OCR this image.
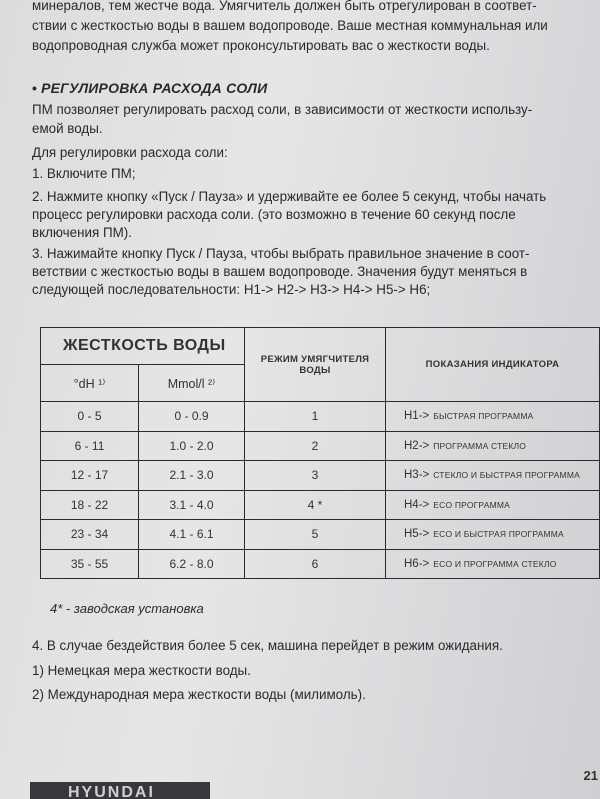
минералов, тем жестче вода. Умягчитель должен быть отрегулирован в соответ-

ствии с жесткостью воды в вашем водопроводе. Ваше местная коммунальная или

водопроводная служба может проконсультировать вас о жесткости воды.

• РЕГУЛИРОВКА РАСХОДА СОЛИ

ПМ позволяет регулировать расход соли, в зависимости от жесткости использу-

емой воды.

Для регулировки расхода соли:

1. Включите ПМ;

2. Нажмите кнопку «Пуск / Пауза» и удерживайте ее более 5 секунд, чтобы начать

процесс регулировки расхода соли. (это возможно в течение 60 секунд после

включения ПМ).

3. Нажимайте кнопку Пуск / Пауза, чтобы выбрать правильное значение в соот-

ветствии с жесткостью воды в вашем водопроводе. Значения будут меняться в

следующей последовательности: H1-> H2-> H3-> H4-> H5-> H6;

ЖЕСТКОСТЬ ВОДЫ		РЕЖИМ УМЯГЧИТЕЛЯ ВОДЫ	ПОКАЗАНИЯ ИНДИКАТОРА
°dH ¹⁾	Mmol/l ²⁾		
0 - 5	0 - 0.9	1	H1-> БЫСТРАЯ ПРОГРАММА
6 - 11	1.0 - 2.0	2	H2-> ПРОГРАММА СТЕКЛО
12 - 17	2.1 - 3.0	3	H3-> СТЕКЛО И БЫСТРАЯ ПРОГРАММА
18 - 22	3.1 - 4.0	4 *	H4-> ECO ПРОГРАММА
23 - 34	4.1 - 6.1	5	H5-> ECO И БЫСТРАЯ ПРОГРАММА
35 - 55	6.2 - 8.0	6	H6-> ECO И ПРОГРАММА СТЕКЛО
4* - заводская установка

4. В случае бездействия более 5 сек, машина перейдет в режим ожидания.

1) Немецкая мера жесткости воды.

2) Международная мера жесткости воды (милимоль).

HYUNDAI
21
